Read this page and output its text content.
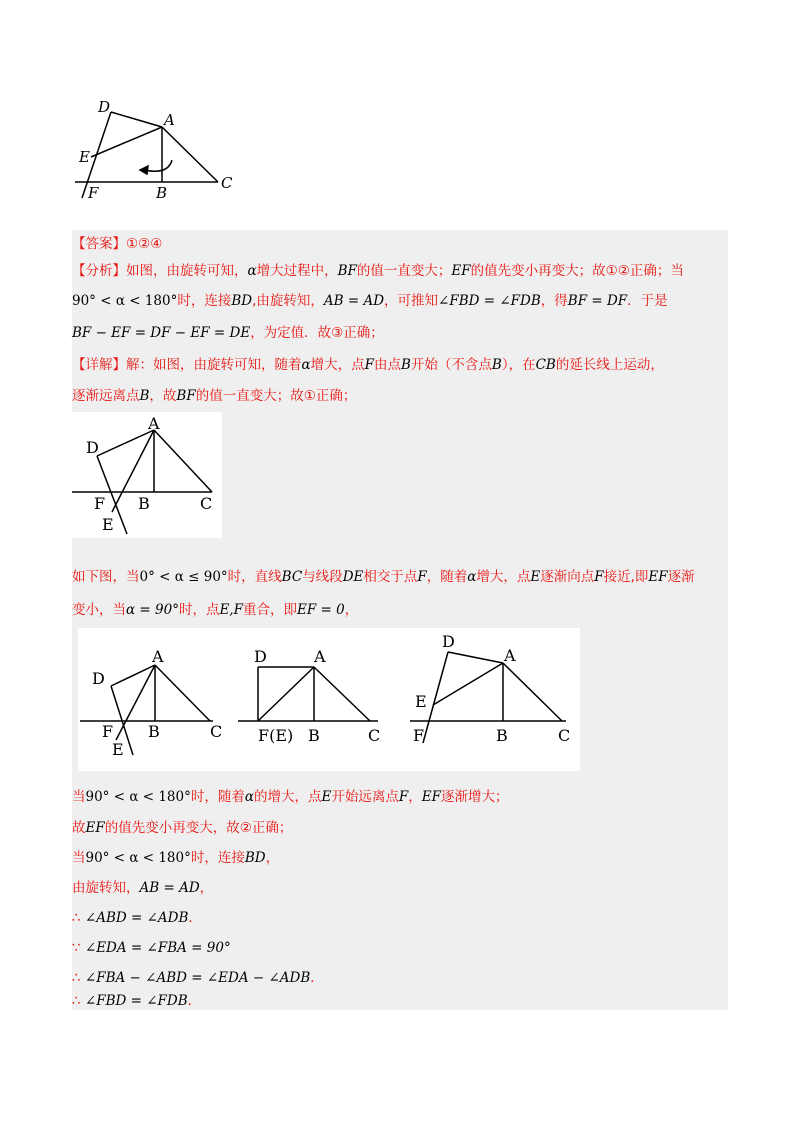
D
A
E
F	B
C
【答案】①②④
【分析】如图，由旋转可知，α增大过程中，BF的值一直变大；EF的值先变小再变大；故①②正确；当
90° < α < 180°时，连接BD,由旋转知，AB = AD，可推知∠FBD = ∠FDB，得BF = DF．于是
BF − EF = DF − EF = DE，为定值．故③正确；
【详解】解：如图，由旋转可知，随着α增大，点F由点B开始（不含点B），在CB的延长线上运动，
逐渐远离点B，故BF的值一直变大；故①正确；
D
A
F B	C
E
如下图，当0° < α ≤ 90°时，直线BC与线段DE相交于点F，随着α增大，点E逐渐向点F接近,即EF逐渐
变小，当α = 90°时，点E,F重合，即EF = 0，
D
A
F B	C
E
D	A
F(E) B	C
D
A
E
F	B	C
当90° < α < 180°时，随着α的增大，点E开始远离点F，EF逐渐增大；
故EF的值先变小再变大，故②正确；
当90° < α < 180°时，连接BD，
由旋转知，AB = AD，
∴ ∠ABD = ∠ADB．
∵ ∠EDA = ∠FBA = 90°
∴ ∠FBA − ∠ABD = ∠EDA − ∠ADB．
∴ ∠FBD = ∠FDB．
